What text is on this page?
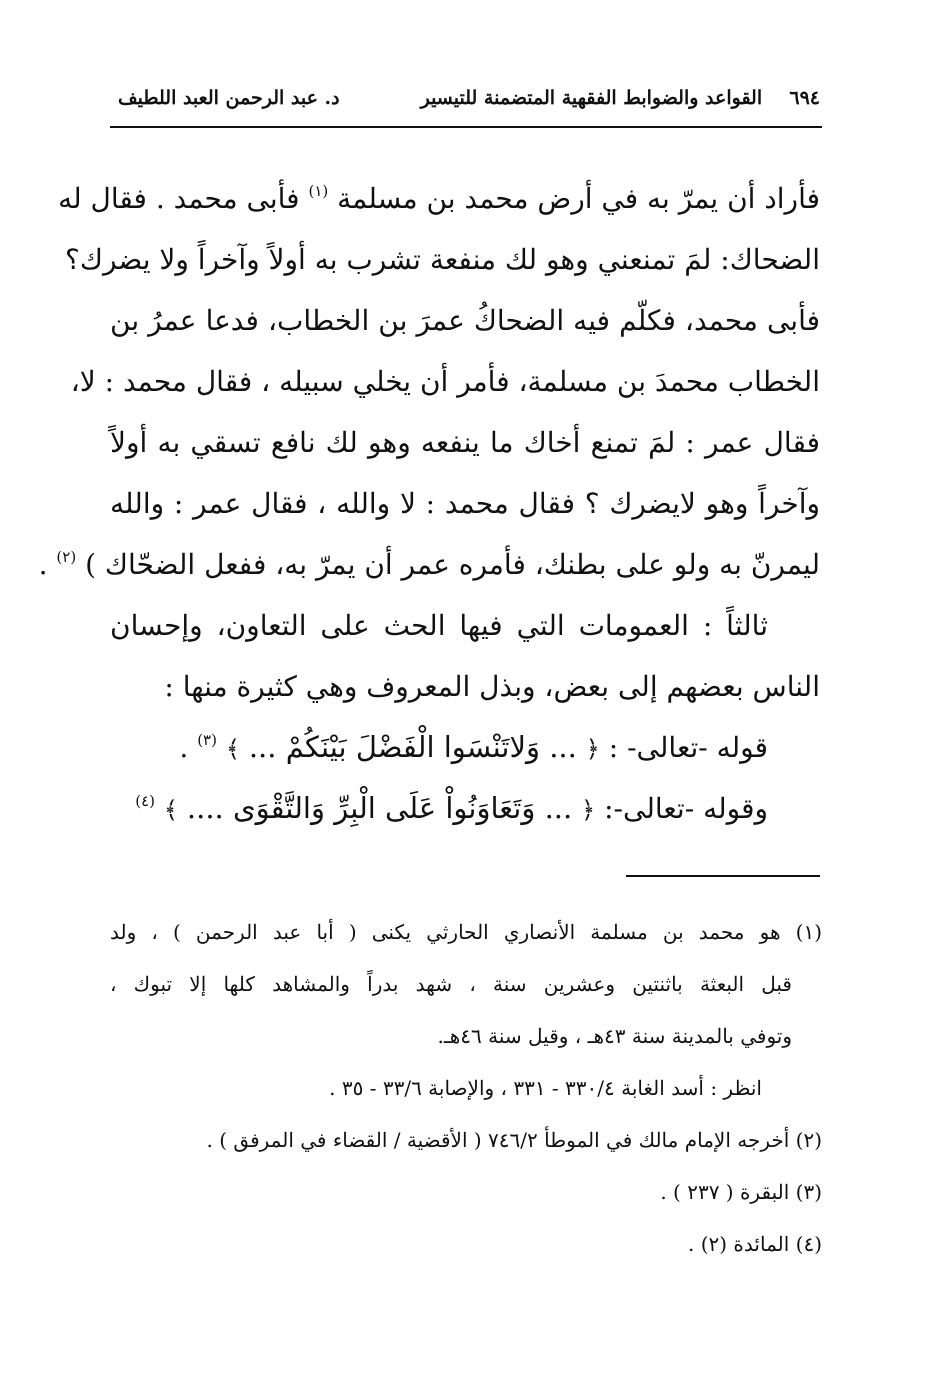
٦٩٤  القواعد والضوابط الفقهية المتضمنة للتيسير
د. عبد الرحمن العبد اللطيف
فأراد أن يمرّ به في أرض محمد بن مسلمة $^{(١)}$ فأبى محمد . فقال له
الضحاك: لمَ تمنعني وهو لك منفعة تشرب به أولاً وآخراً ولا يضرك؟
فأبى محمد، فكلّم فيه الضحاكُ عمرَ بن الخطاب، فدعا عمرُ بن
الخطاب محمدَ بن مسلمة، فأمر أن يخلي سبيله ، فقال محمد : لا،
فقال عمر : لمَ تمنع أخاك ما ينفعه وهو لك نافع تسقي به أولاً
وآخراً وهو لايضرك ؟ فقال محمد : لا والله ، فقال عمر : والله
ليمرنّ به ولو على بطنك، فأمره عمر أن يمرّ به، ففعل الضحّاك ) $^{(٢)}$ .
ثالثاً : العمومات التي فيها الحث على التعاون، وإحسان
الناس بعضهم إلى بعض، وبذل المعروف وهي كثيرة منها :
قوله -تعالى- : ﴿ ... وَلاتَنْسَوا الْفَضْلَ بَيْنَكُمْ ... ﴾ $^{(٣)}$ .
وقوله -تعالى-: ﴿ ... وَتَعَاوَنُواْ عَلَى الْبِرِّ وَالتَّقْوَى .... ﴾ $^{(٤)}$
(١) هو محمد بن مسلمة الأنصاري الحارثي يكنى ( أبا عبد الرحمن ) ، ولد
قبل البعثة باثنتين وعشرين سنة ، شهد بدراً والمشاهد كلها إلا تبوك ،
وتوفي بالمدينة سنة ٤٣هـ ، وقيل سنة ٤٦هـ.
انظر : أسد الغابة ٣٣٠/٤ - ٣٣١ ، والإصابة ٣٣/٦ - ٣٥ .
(٢) أخرجه الإمام مالك في الموطأ ٧٤٦/٢ ( الأقضية / القضاء في المرفق ) .
(٣) البقرة ( ٢٣٧ ) .
(٤) المائدة (٢) .
